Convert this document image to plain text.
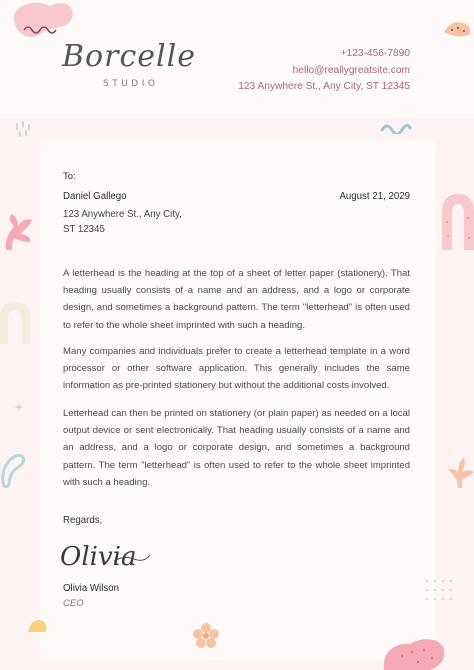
Borcelle
STUDIO
+123-456-7890
hello@reallygreatsite.com
123 Anywhere St., Any City, ST 12345
To:
Daniel Gallego
123 Anywhere St., Any City,
ST 12345
August 21, 2029

A letterhead is the heading at the top of a sheet of letter paper (stationery). That heading usually consists of a name and an address, and a logo or corporate design, and sometimes a background pattern. The term "letterhead" is often used to refer to the whole sheet imprinted with such a heading.

Many companies and individuals prefer to create a letterhead template in a word processor or other software application. This generally includes the same information as pre-printed stationery but without the additional costs involved.

Letterhead can then be printed on stationery (or plain paper) as needed on a local output device or sent electronically. That heading usually consists of a name and an address, and a logo or corporate design, and sometimes a background pattern. The term "letterhead" is often used to refer to the whole sheet imprinted with such a heading.

Regards,
Olivia
Olivia Wilson
CEO
